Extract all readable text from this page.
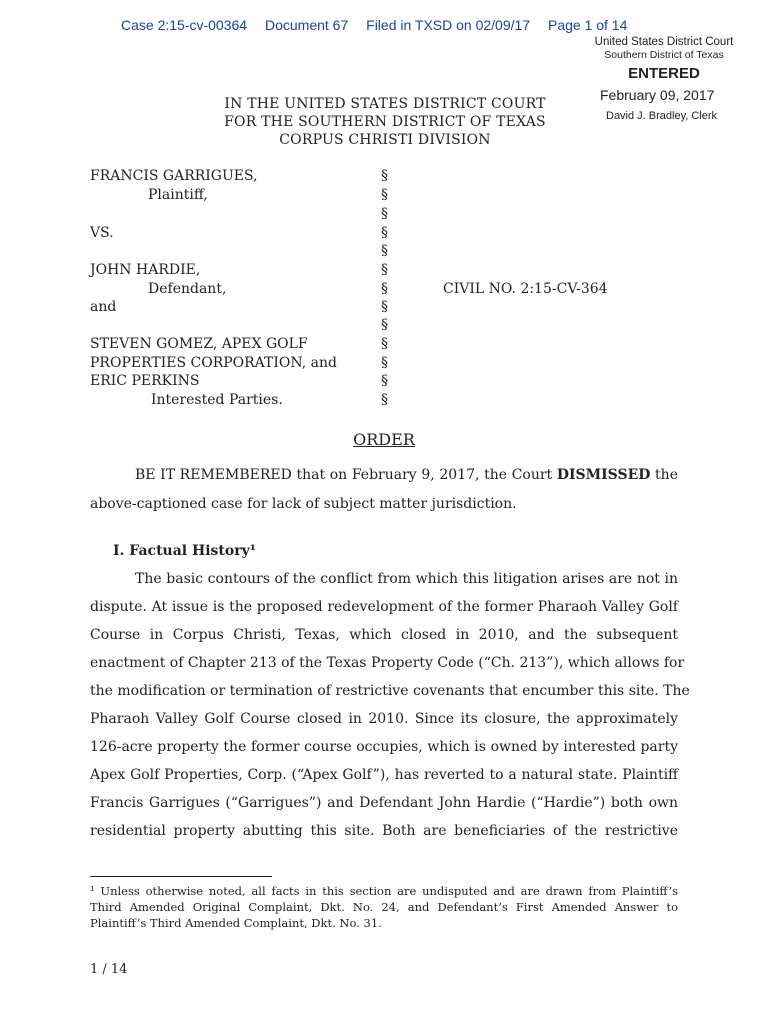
Case 2:15-cv-00364 Document 67 Filed in TXSD on 02/09/17 Page 1 of 14
United States District Court
Southern District of Texas
ENTERED
February 09, 2017
David J. Bradley, Clerk
IN THE UNITED STATES DISTRICT COURT
FOR THE SOUTHERN DISTRICT OF TEXAS
CORPUS CHRISTI DIVISION
FRANCIS GARRIGUES,
Plaintiff,
VS.
JOHN HARDIE,
Defendant,
and
STEVEN GOMEZ, APEX GOLF
PROPERTIES CORPORATION, and
ERIC PERKINS
Interested Parties.
CIVIL NO. 2:15-CV-364
§
§
§
§
§
§
§
§
§
§
§
§
§
ORDER
BE IT REMEMBERED that on February 9, 2017, the Court DISMISSED the
above-captioned case for lack of subject matter jurisdiction.
I. Factual History¹
The basic contours of the conflict from which this litigation arises are not in
dispute. At issue is the proposed redevelopment of the former Pharaoh Valley Golf
Course in Corpus Christi, Texas, which closed in 2010, and the subsequent
enactment of Chapter 213 of the Texas Property Code (“Ch. 213”), which allows for
the modification or termination of restrictive covenants that encumber this site. The
Pharaoh Valley Golf Course closed in 2010. Since its closure, the approximately
126-acre property the former course occupies, which is owned by interested party
Apex Golf Properties, Corp. (“Apex Golf”), has reverted to a natural state. Plaintiff
Francis Garrigues (“Garrigues”) and Defendant John Hardie (“Hardie”) both own
residential property abutting this site. Both are beneficiaries of the restrictive
¹ Unless otherwise noted, all facts in this section are undisputed and are drawn from Plaintiff’s
Third Amended Original Complaint, Dkt. No. 24, and Defendant’s First Amended Answer to
Plaintiff’s Third Amended Complaint, Dkt. No. 31.
1 / 14
